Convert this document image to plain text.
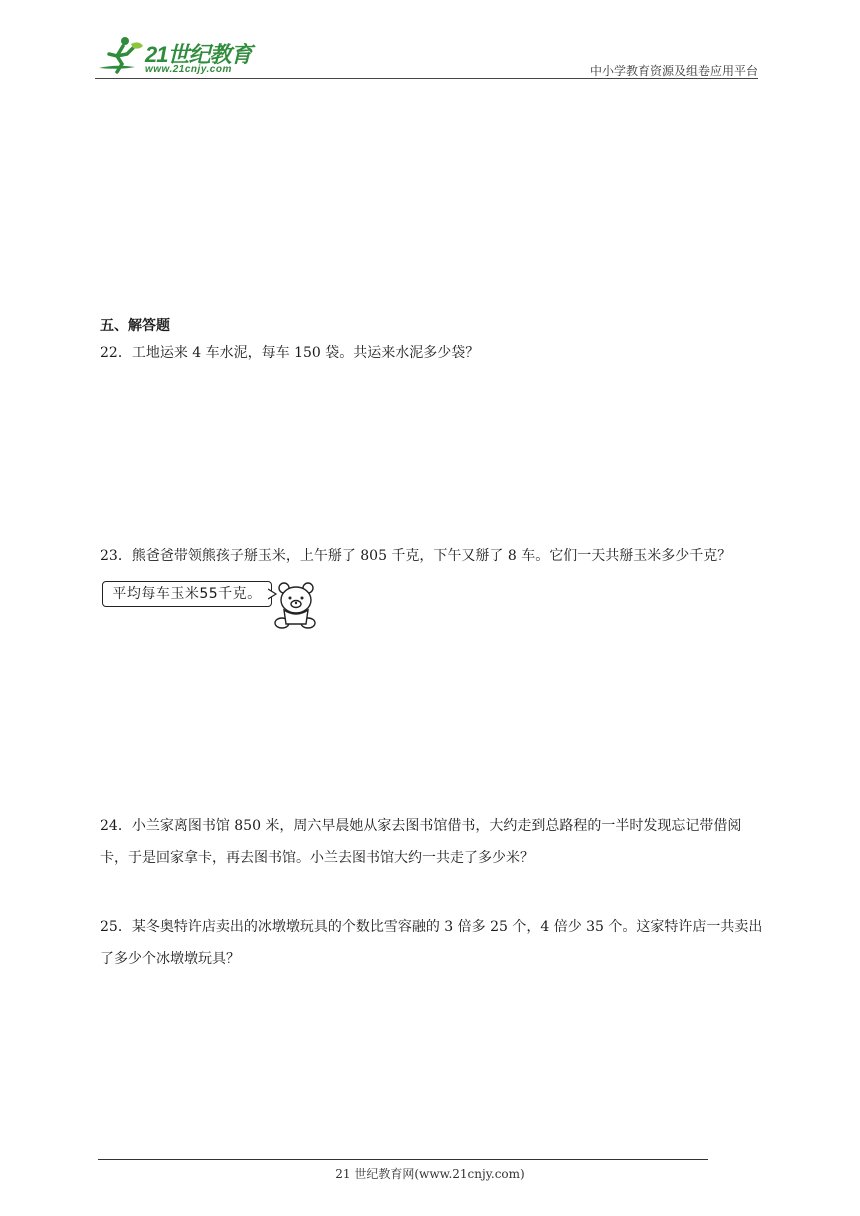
21世纪教育
www.21cnjy.com	中小学教育资源及组卷应用平台
五、解答题
22．工地运来 4 车水泥，每车 150 袋。共运来水泥多少袋？
23．熊爸爸带领熊孩子掰玉米，上午掰了 805 千克，下午又掰了 8 车。它们一天共掰玉米多少千克？
平均每车玉米55千克。
24．小兰家离图书馆 850 米，周六早晨她从家去图书馆借书，大约走到总路程的一半时发现忘记带借阅卡，于是回家拿卡，再去图书馆。小兰去图书馆大约一共走了多少米？
25．某冬奥特许店卖出的冰墩墩玩具的个数比雪容融的 3 倍多 25 个，4 倍少 35 个。这家特许店一共卖出了多少个冰墩墩玩具？
21 世纪教育网(www.21cnjy.com)
